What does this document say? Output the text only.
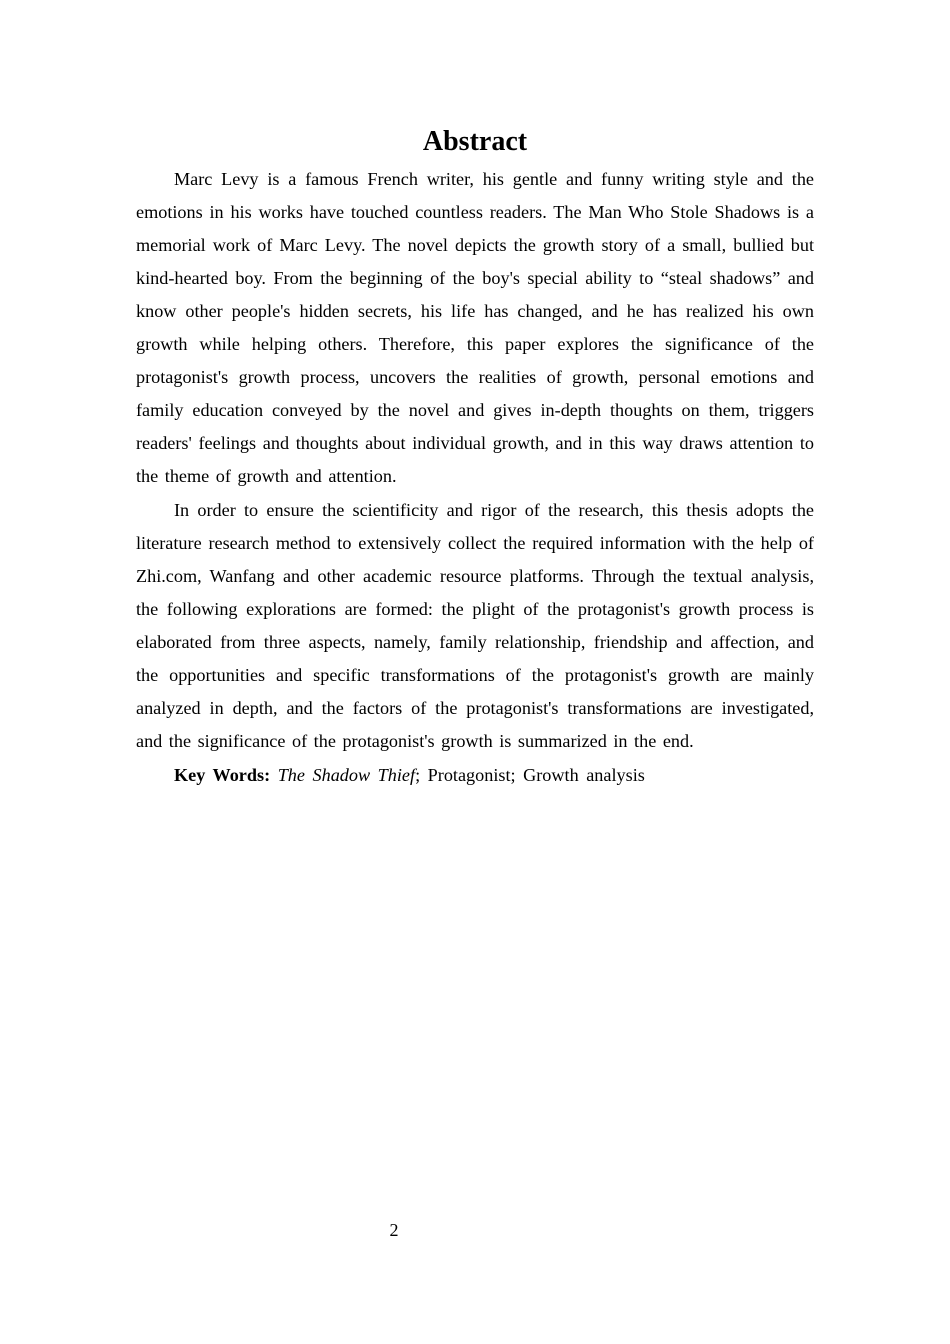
Abstract

Marc Levy is a famous French writer, his gentle and funny writing style and the emotions in his works have touched countless readers. The Man Who Stole Shadows is a memorial work of Marc Levy. The novel depicts the growth story of a small, bullied but kind-hearted boy. From the beginning of the boy's special ability to “steal shadows” and know other people's hidden secrets, his life has changed, and he has realized his own growth while helping others. Therefore, this paper explores the significance of the protagonist's growth process, uncovers the realities of growth, personal emotions and family education conveyed by the novel and gives in-depth thoughts on them, triggers readers' feelings and thoughts about individual growth, and in this way draws attention to the theme of growth and attention.

In order to ensure the scientificity and rigor of the research, this thesis adopts the literature research method to extensively collect the required information with the help of Zhi.com, Wanfang and other academic resource platforms. Through the textual analysis, the following explorations are formed: the plight of the protagonist's growth process is elaborated from three aspects, namely, family relationship, friendship and affection, and the opportunities and specific transformations of the protagonist's growth are mainly analyzed in depth, and the factors of the protagonist's transformations are investigated, and the significance of the protagonist's growth is summarized in the end.

Key Words: The Shadow Thief; Protagonist; Growth analysis

2
